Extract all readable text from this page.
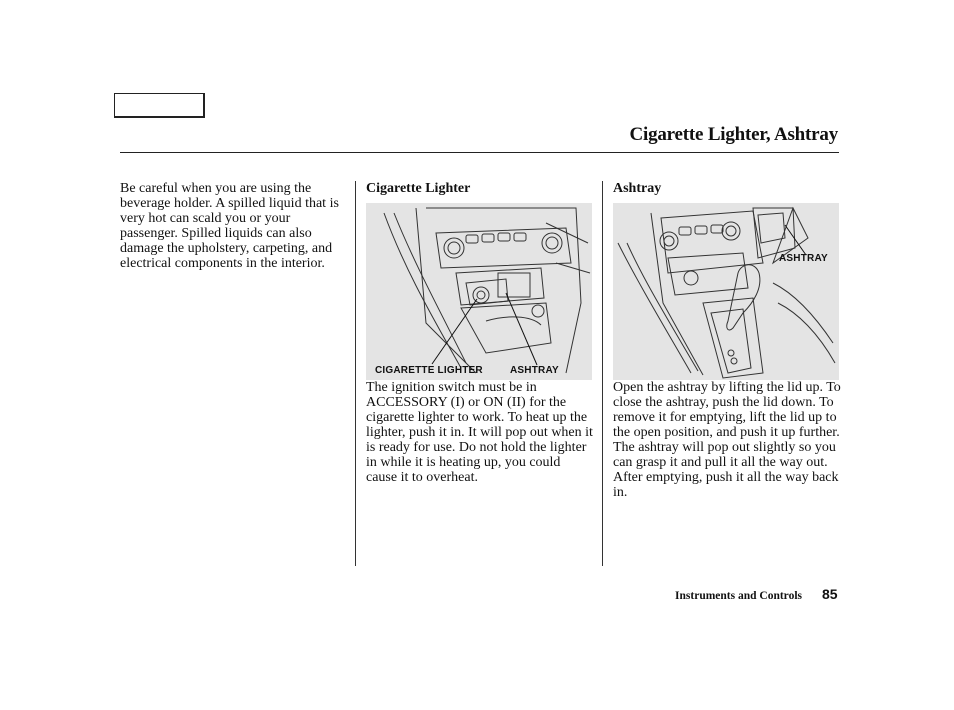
Cigarette Lighter, Ashtray

Be careful when you are using the beverage holder. A spilled liquid that is very hot can scald you or your passenger. Spilled liquids can also damage the upholstery, carpeting, and electrical components in the interior.

Cigarette Lighter
CIGARETTE LIGHTER	ASHTRAY

The ignition switch must be in ACCESSORY (I) or ON (II) for the cigarette lighter to work. To heat up the lighter, push it in. It will pop out when it is ready for use. Do not hold the lighter in while it is heating up, you could cause it to overheat.

Ashtray
ASHTRAY

Open the ashtray by lifting the lid up. To close the ashtray, push the lid down. To remove it for emptying, lift the lid up to the open position, and push it up further. The ashtray will pop out slightly so you can grasp it and pull it all the way out. After emptying, push it all the way back in.

Instruments and Controls 85
